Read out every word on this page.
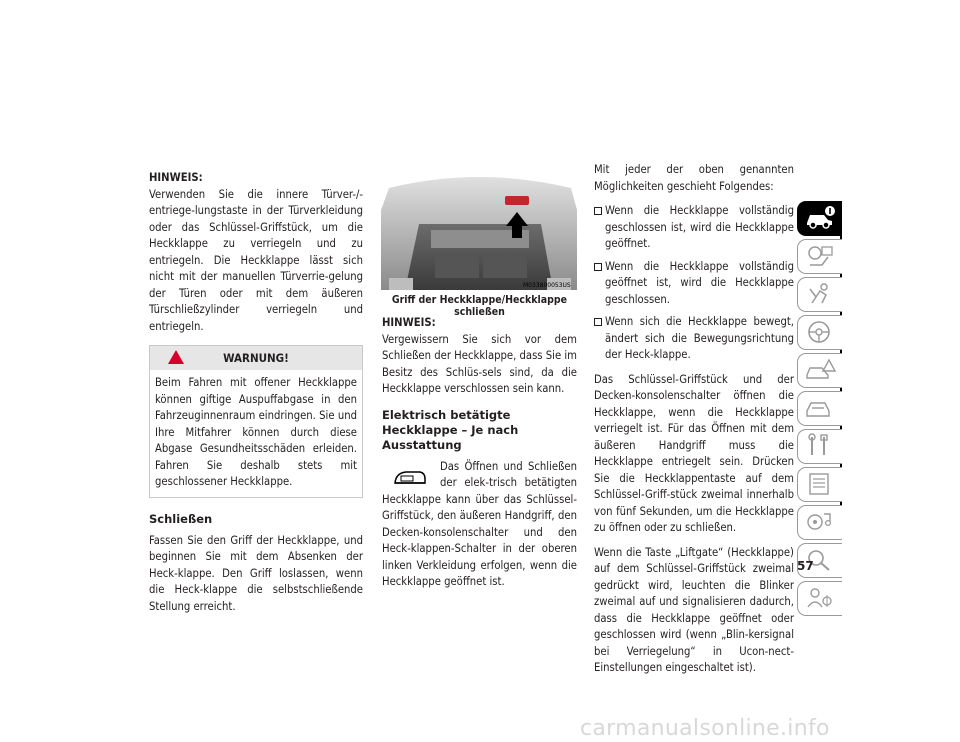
HINWEIS:
Verwenden Sie die innere Türver-/-entriege-lungstaste in der Türverkleidung oder das Schlüssel-Griffstück, um die Heckklappe zu verriegeln und zu entriegeln. Die Heckklappe lässt sich nicht mit der manuellen Türverrie-gelung der Türen oder mit dem äußeren Türschließzylinder verriegeln und entriegeln.

WARNUNG!
Beim Fahren mit offener Heckklappe können giftige Auspuffabgase in den Fahrzeuginnenraum eindringen. Sie und Ihre Mitfahrer können durch diese Abgase Gesundheitsschäden erleiden. Fahren Sie deshalb stets mit geschlossener Heckklappe.
Schließen

Fassen Sie den Griff der Heckklappe, und beginnen Sie mit dem Absenken der Heck-klappe. Den Griff loslassen, wenn die Heck-klappe die selbstschließende Stellung erreicht.

M033800053US
Griff der Heckklappe/Heckklappe schließen

HINWEIS:
Vergewissern Sie sich vor dem Schließen der Heckklappe, dass Sie im Besitz des Schlüs-sels sind, da die Heckklappe verschlossen sein kann.

Elektrisch betätigte Heckklappe – Je nach Ausstattung

Das Öffnen und Schließen der elek-trisch betätigten Heckklappe kann über das Schlüssel-Griffstück, den äußeren Handgriff, den Decken-konsolenschalter und den Heck-klappen-Schalter in der oberen linken Verkleidung erfolgen, wenn die Heckklappe geöffnet ist.

Mit jeder der oben genannten Möglichkeiten geschieht Folgendes:

Wenn die Heckklappe vollständig geschlossen ist, wird die Heckklappe geöffnet.
Wenn die Heckklappe vollständig geöffnet ist, wird die Heckklappe geschlossen.
Wenn sich die Heckklappe bewegt, ändert sich die Bewegungsrichtung der Heck-klappe.

Das Schlüssel-Griffstück und der Decken-konsolenschalter öffnen die Heckklappe, wenn die Heckklappe verriegelt ist. Für das Öffnen mit dem äußeren Handgriff muss die Heckklappe entriegelt sein. Drücken Sie die Heckklappentaste auf dem Schlüssel-Griff-stück zweimal innerhalb von fünf Sekunden, um die Heckklappe zu öffnen oder zu schließen.

Wenn die Taste „Liftgate“ (Heckklappe) auf dem Schlüssel-Griffstück zweimal gedrückt wird, leuchten die Blinker zweimal auf und signalisieren dadurch, dass die Heckklappe geöffnet oder geschlossen wird (wenn „Blin-kersignal bei Verriegelung“ in Ucon-nect-Einstellungen eingeschaltet ist).

57
carmanualsonline.info
